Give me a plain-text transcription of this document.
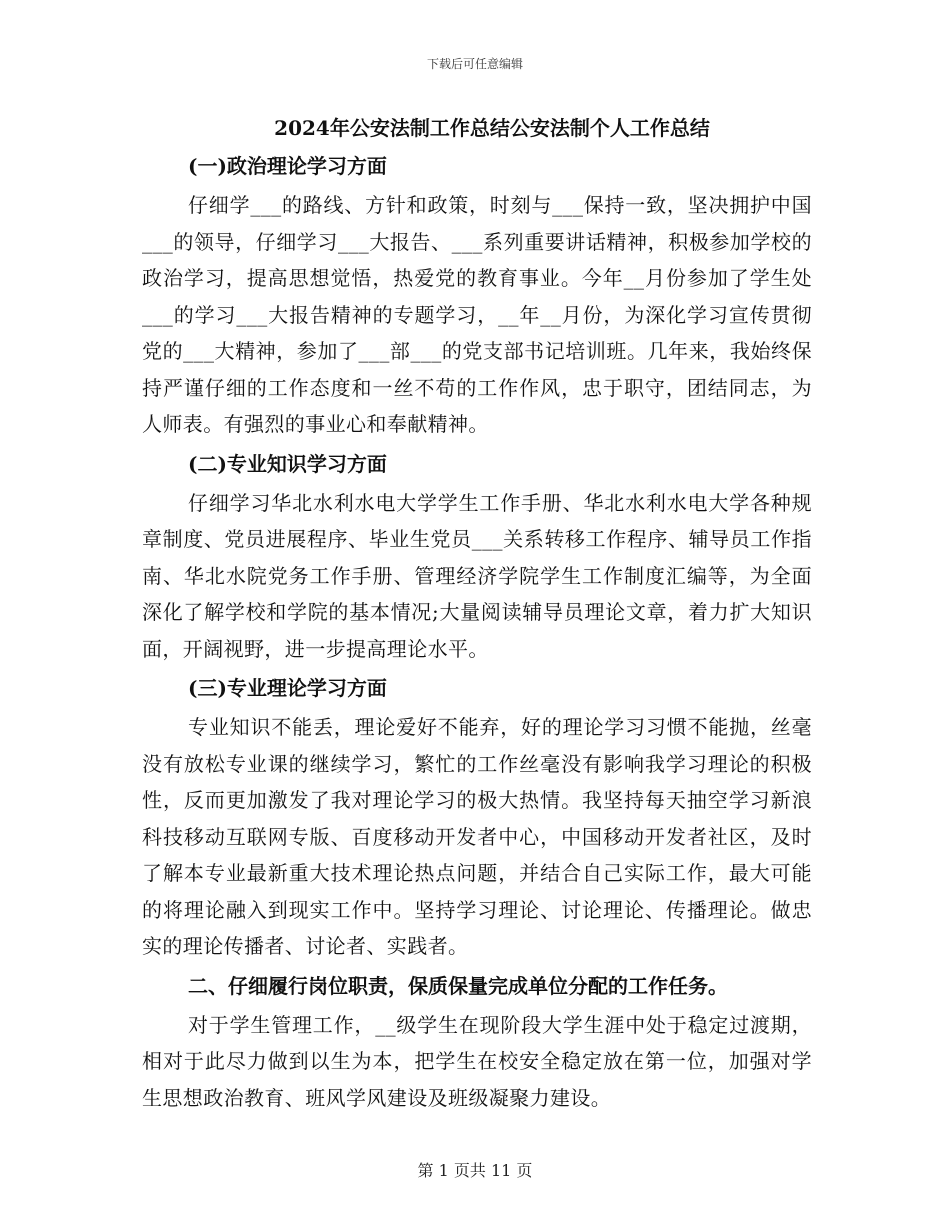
下载后可任意编辑
2024年公安法制工作总结公安法制个人工作总结
(一)政治理论学习方面
仔细学___的路线、方针和政策，时刻与___保持一致，坚决拥护中国___的领导，仔细学习___大报告、___系列重要讲话精神，积极参加学校的政治学习，提高思想觉悟，热爱党的教育事业。今年__月份参加了学生处___的学习___大报告精神的专题学习，__年__月份，为深化学习宣传贯彻党的___大精神，参加了___部___的党支部书记培训班。几年来，我始终保持严谨仔细的工作态度和一丝不苟的工作作风，忠于职守，团结同志，为人师表。有强烈的事业心和奉献精神。
(二)专业知识学习方面
仔细学习华北水利水电大学学生工作手册、华北水利水电大学各种规章制度、党员进展程序、毕业生党员___关系转移工作程序、辅导员工作指南、华北水院党务工作手册、管理经济学院学生工作制度汇编等，为全面深化了解学校和学院的基本情况;大量阅读辅导员理论文章，着力扩大知识面，开阔视野，进一步提高理论水平。
(三)专业理论学习方面
专业知识不能丢，理论爱好不能弃，好的理论学习习惯不能抛，丝毫没有放松专业课的继续学习，繁忙的工作丝毫没有影响我学习理论的积极性，反而更加激发了我对理论学习的极大热情。我坚持每天抽空学习新浪科技移动互联网专版、百度移动开发者中心，中国移动开发者社区，及时了解本专业最新重大技术理论热点问题，并结合自己实际工作，最大可能的将理论融入到现实工作中。坚持学习理论、讨论理论、传播理论。做忠实的理论传播者、讨论者、实践者。
二、仔细履行岗位职责，保质保量完成单位分配的工作任务。
对于学生管理工作，__级学生在现阶段大学生涯中处于稳定过渡期，相对于此尽力做到以生为本，把学生在校安全稳定放在第一位，加强对学生思想政治教育、班风学风建设及班级凝聚力建设。
第 1 页共 11 页
